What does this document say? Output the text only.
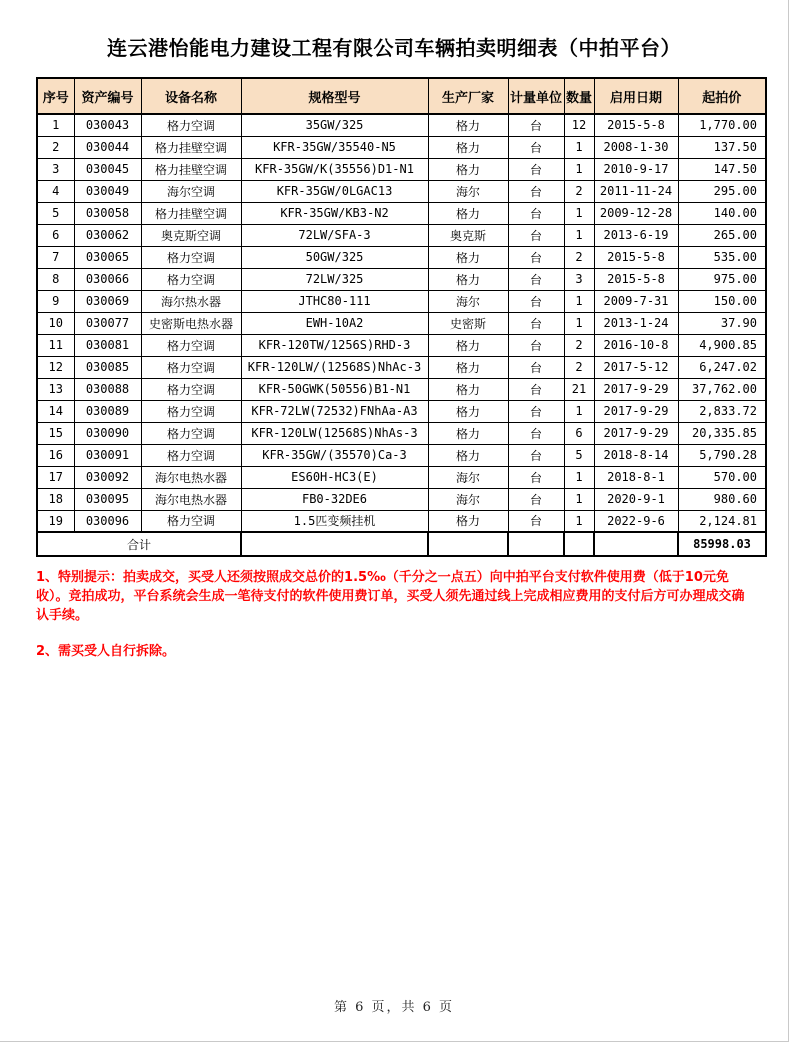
连云港怡能电力建设工程有限公司车辆拍卖明细表（中拍平台）
序号	资产编号	设备名称	规格型号	生产厂家	计量单位	数量	启用日期	起拍价
1	030043	格力空调	35GW/325	格力	台	12	2015-5-8	1,770.00
2	030044	格力挂壁空调	KFR-35GW/35540-N5	格力	台	1	2008-1-30	137.50
3	030045	格力挂壁空调	KFR-35GW/K(35556)D1-N1	格力	台	1	2010-9-17	147.50
4	030049	海尔空调	KFR-35GW/0LGAC13	海尔	台	2	2011-11-24	295.00
5	030058	格力挂壁空调	KFR-35GW/KB3-N2	格力	台	1	2009-12-28	140.00
6	030062	奥克斯空调	72LW/SFA-3	奥克斯	台	1	2013-6-19	265.00
7	030065	格力空调	50GW/325	格力	台	2	2015-5-8	535.00
8	030066	格力空调	72LW/325	格力	台	3	2015-5-8	975.00
9	030069	海尔热水器	JTHC80-111	海尔	台	1	2009-7-31	150.00
10	030077	史密斯电热水器	EWH-10A2	史密斯	台	1	2013-1-24	37.90
11	030081	格力空调	KFR-120TW/1256S)RHD-3	格力	台	2	2016-10-8	4,900.85
12	030085	格力空调	KFR-120LW/(12568S)NhAc-3	格力	台	2	2017-5-12	6,247.02
13	030088	格力空调	KFR-50GWK(50556)B1-N1	格力	台	21	2017-9-29	37,762.00
14	030089	格力空调	KFR-72LW(72532)FNhAa-A3	格力	台	1	2017-9-29	2,833.72
15	030090	格力空调	KFR-120LW(12568S)NhAs-3	格力	台	6	2017-9-29	20,335.85
16	030091	格力空调	KFR-35GW/(35570)Ca-3	格力	台	5	2018-8-14	5,790.28
17	030092	海尔电热水器	ES60H-HC3(E)	海尔	台	1	2018-8-1	570.00
18	030095	海尔电热水器	FB0-32DE6	海尔	台	1	2020-9-1	980.60
19	030096	格力空调	1.5匹变频挂机	格力	台	1	2022-9-6	2,124.81
合计								85998.03

1、特别提示：拍卖成交，买受人还须按照成交总价的1.5‰（千分之一点五）向中拍平台支付软件使用费（低于10元免收）。竞拍成功，平台系统会生成一笔待支付的软件使用费订单，买受人须先通过线上完成相应费用的支付后方可办理成交确认手续。

2、需买受人自行拆除。

第 6 页，共 6 页
